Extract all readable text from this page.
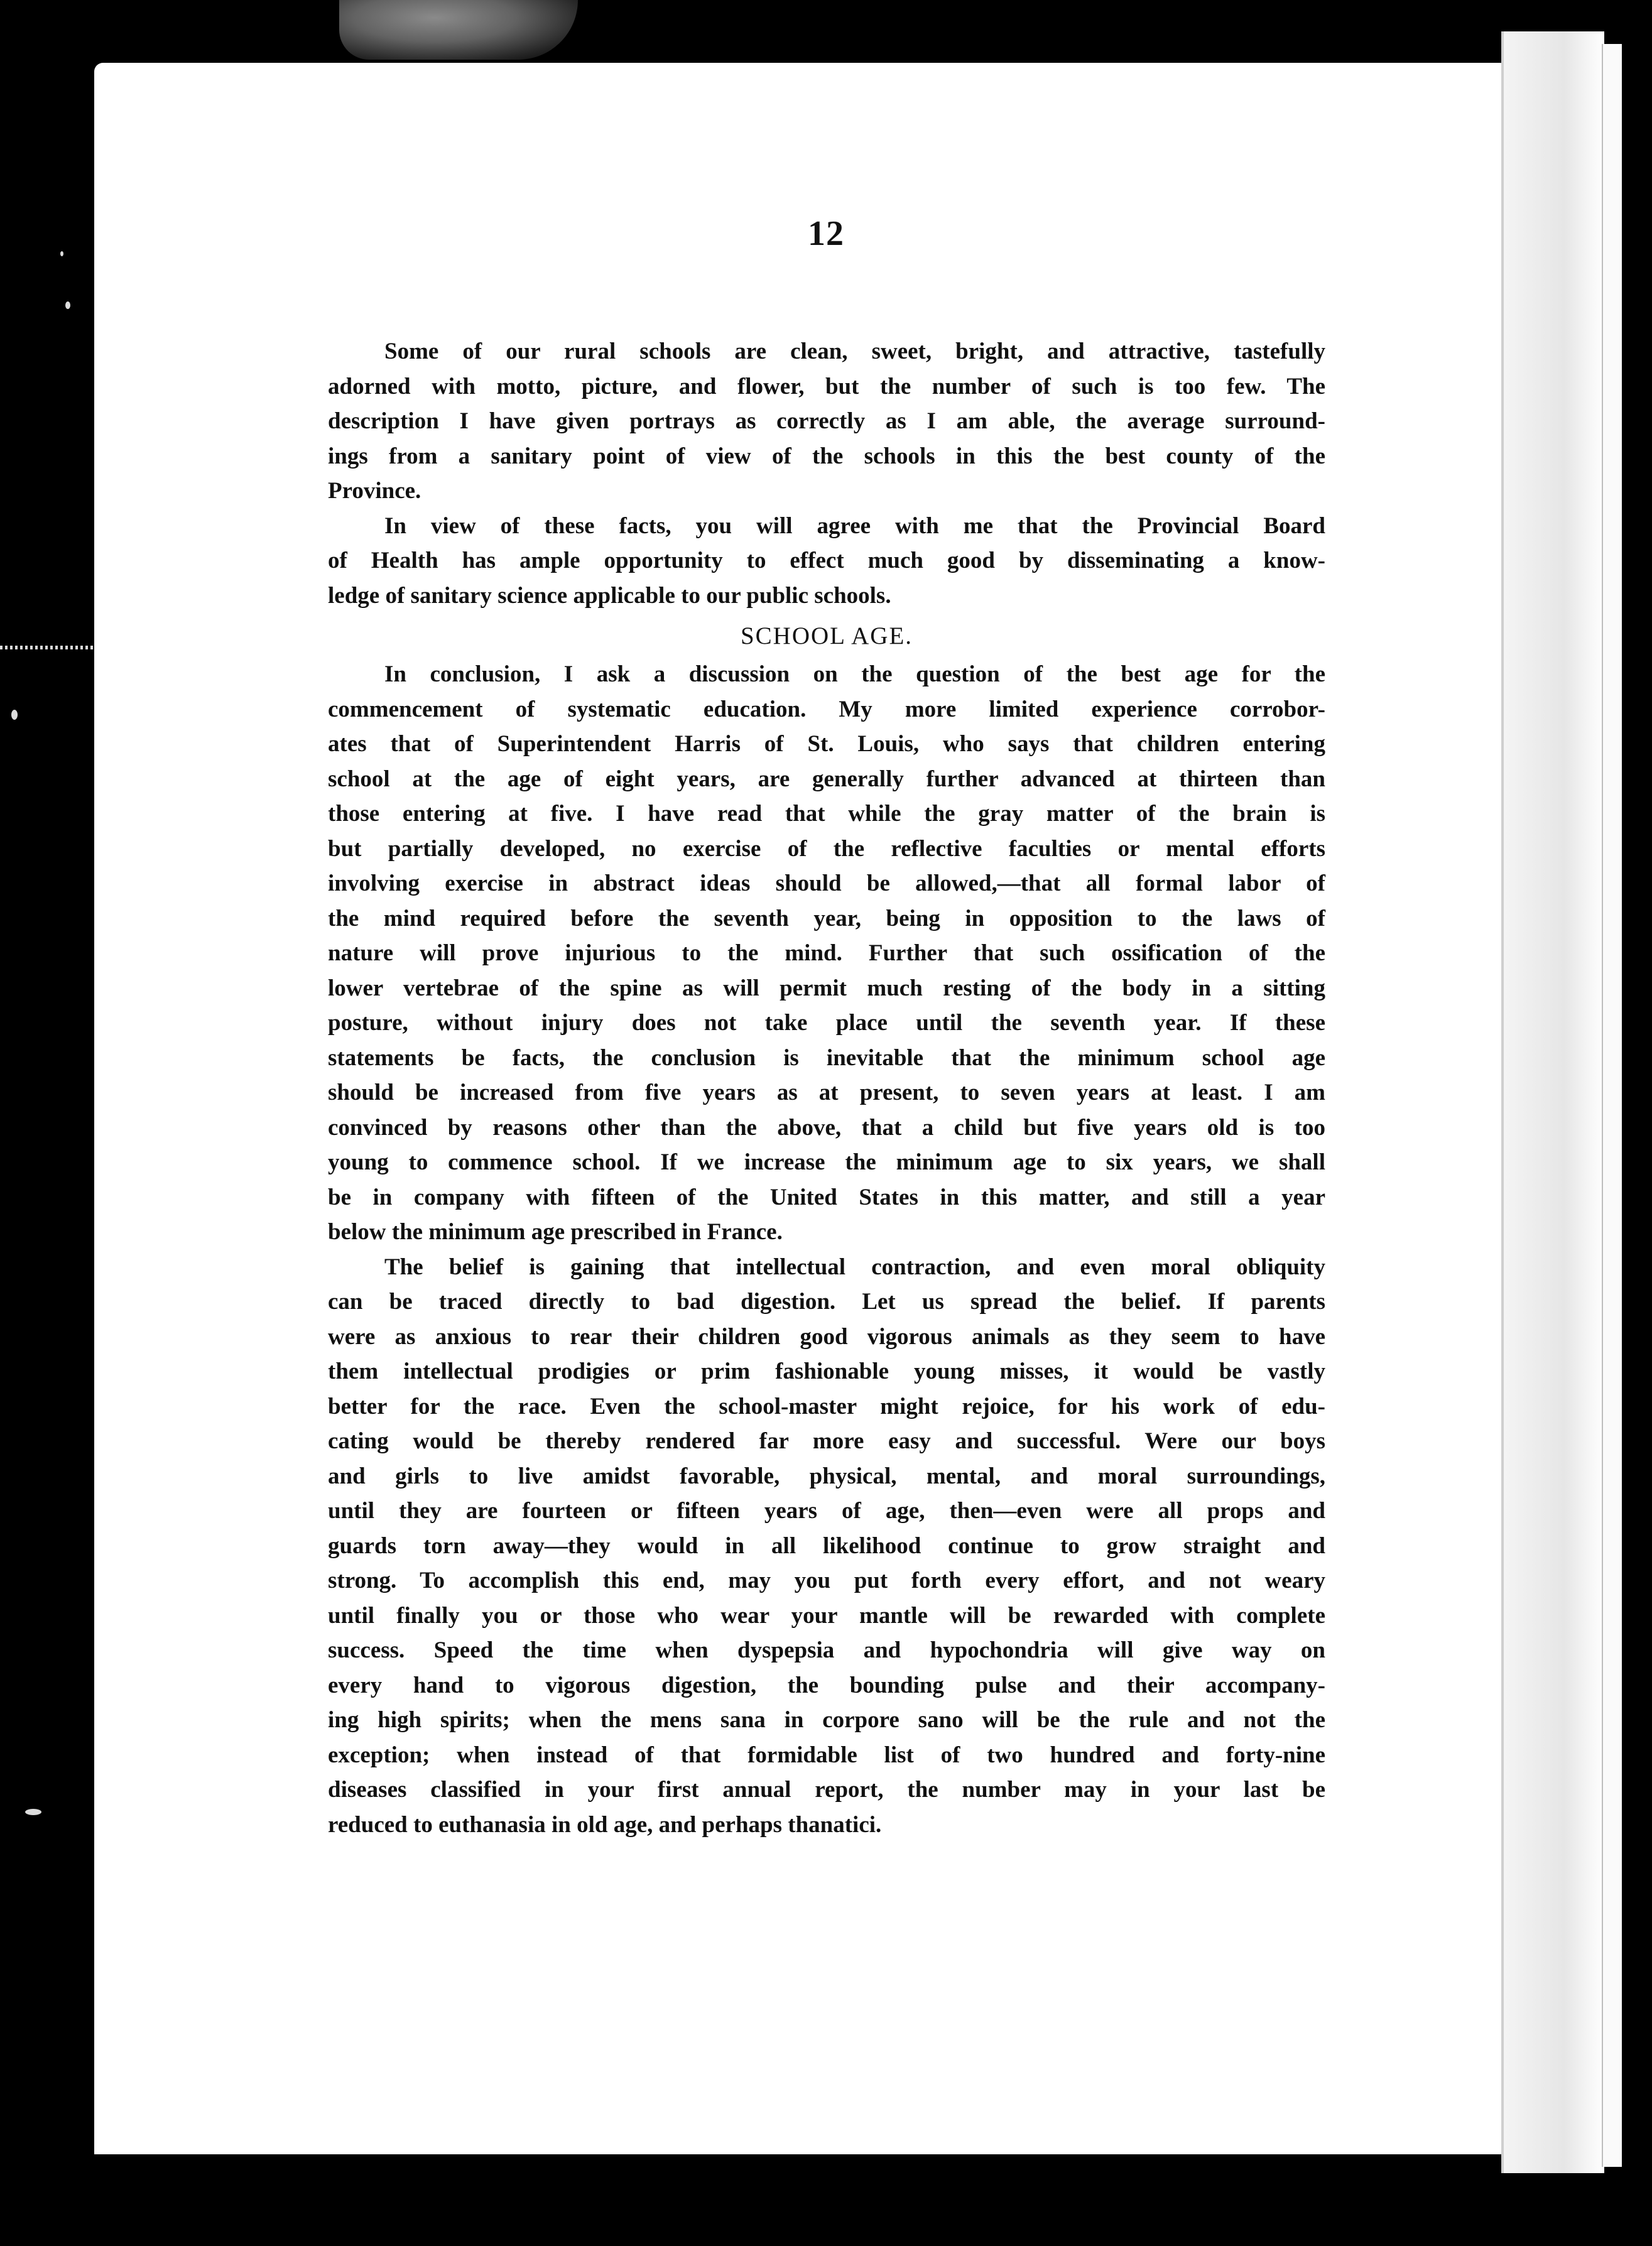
12
Some of our rural schools are clean, sweet, bright, and attractive, tastefully
adorned with motto, picture, and flower, but the number of such is too few. The
description I have given portrays as correctly as I am able, the average surround-
ings from a sanitary point of view of the schools in this the best county of the
Province.
In view of these facts, you will agree with me that the Provincial Board
of Health has ample opportunity to effect much good by disseminating a know-
ledge of sanitary science applicable to our public schools.
SCHOOL AGE.
In conclusion, I ask a discussion on the question of the best age for the
commencement of systematic education. My more limited experience corrobor-
ates that of Superintendent Harris of St. Louis, who says that children entering
school at the age of eight years, are generally further advanced at thirteen than
those entering at five. I have read that while the gray matter of the brain is
but partially developed, no exercise of the reflective faculties or mental efforts
involving exercise in abstract ideas should be allowed,—that all formal labor of
the mind required before the seventh year, being in opposition to the laws of
nature will prove injurious to the mind. Further that such ossification of the
lower vertebrae of the spine as will permit much resting of the body in a sitting
posture, without injury does not take place until the seventh year. If these
statements be facts, the conclusion is inevitable that the minimum school age
should be increased from five years as at present, to seven years at least. I am
convinced by reasons other than the above, that a child but five years old is too
young to commence school. If we increase the minimum age to six years, we shall
be in company with fifteen of the United States in this matter, and still a year
below the minimum age prescribed in France.
The belief is gaining that intellectual contraction, and even moral obliquity
can be traced directly to bad digestion. Let us spread the belief. If parents
were as anxious to rear their children good vigorous animals as they seem to have
them intellectual prodigies or prim fashionable young misses, it would be vastly
better for the race. Even the school-master might rejoice, for his work of edu-
cating would be thereby rendered far more easy and successful. Were our boys
and girls to live amidst favorable, physical, mental, and moral surroundings,
until they are fourteen or fifteen years of age, then—even were all props and
guards torn away—they would in all likelihood continue to grow straight and
strong. To accomplish this end, may you put forth every effort, and not weary
until finally you or those who wear your mantle will be rewarded with complete
success. Speed the time when dyspepsia and hypochondria will give way on
every hand to vigorous digestion, the bounding pulse and their accompany-
ing high spirits; when the mens sana in corpore sano will be the rule and not the
exception; when instead of that formidable list of two hundred and forty-nine
diseases classified in your first annual report, the number may in your last be
reduced to euthanasia in old age, and perhaps thanatici.
